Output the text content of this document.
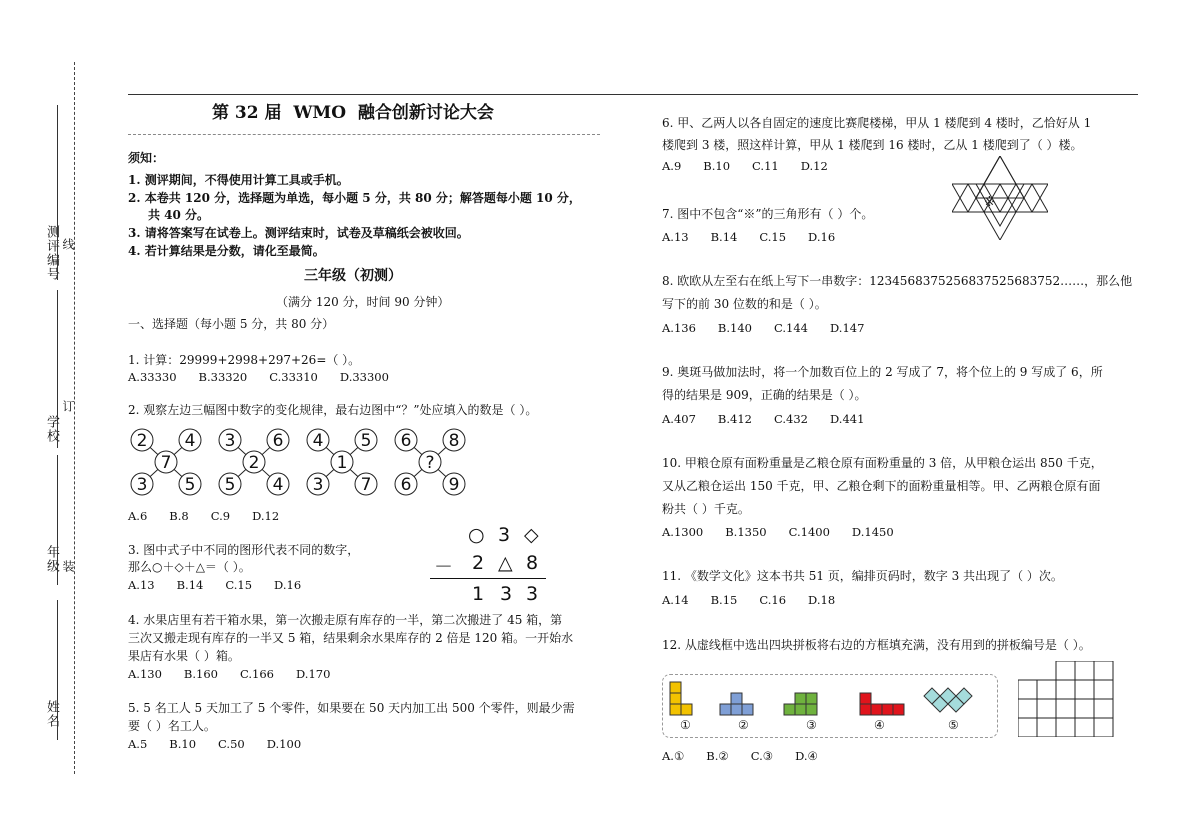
测评编号 线
学校
订
年级 装
姓名
第 32 届  WMO  融合创新讨论大会
须知：
1. 测评期间，不得使用计算工具或手机。
2. 本卷共 120 分，选择题为单选，每小题 5 分，共 80 分；解答题每小题 10 分，
共 40 分。
3. 请将答案写在试卷上。测评结束时，试卷及草稿纸会被收回。
4. 若计算结果是分数，请化至最简。
三年级（初测）
（满分 120 分，时间 90 分钟）
一、选择题（每小题 5 分，共 80 分）
1. 计算：29999+2998+297+26=（ ）。
A.33330 B.33320 C.33310 D.33300
2. 观察左边三幅图中数字的变化规律，最右边图中“？”处应填入的数是（ ）。
2 4
7
3 5
3 6
2
5 4
4 5
1
3 7
6 8
?
6 9
A.6 B.8 C.9 D.12
3. 图中式子中不同的图形代表不同的数字，
那么○＋◇＋△＝（ ）。
A.13 B.14 C.15 D.16
○ 3 ◇
－ 2 △ 8
1 3 3
4. 水果店里有若干箱水果，第一次搬走原有库存的一半，第二次搬进了 45 箱，第
三次又搬走现有库存的一半又 5 箱，结果剩余水果库存的 2 倍是 120 箱。一开始水
果店有水果（ ）箱。
A.130 B.160 C.166 D.170
5. 5 名工人 5 天加工了 5 个零件，如果要在 50 天内加工出 500 个零件，则最少需
要（ ）名工人。
A.5 B.10 C.50 D.100
6. 甲、乙两人以各自固定的速度比赛爬楼梯，甲从 1 楼爬到 4 楼时，乙恰好从 1
楼爬到 3 楼，照这样计算，甲从 1 楼爬到 16 楼时，乙从 1 楼爬到了（ ）楼。
A.9 B.10 C.11 D.12
7. 图中不包含“※”的三角形有（ ）个。
A.13 B.14 C.15 D.16
※
8. 欧欧从左至右在纸上写下一串数字：1234568375256837525683752……，那么他
写下的前 30 位数的和是（ ）。
A.136 B.140 C.144 D.147
9. 奥斑马做加法时，将一个加数百位上的 2 写成了 7，将个位上的 9 写成了 6，所
得的结果是 909，正确的结果是（ ）。
A.407 B.412 C.432 D.441
10. 甲粮仓原有面粉重量是乙粮仓原有面粉重量的 3 倍，从甲粮仓运出 850 千克，
又从乙粮仓运出 150 千克，甲、乙粮仓剩下的面粉重量相等。甲、乙两粮仓原有面
粉共（ ）千克。
A.1300 B.1350 C.1400 D.1450
11. 《数学文化》这本书共 51 页，编排页码时，数字 3 共出现了（ ）次。
A.14 B.15 C.16 D.18
12. 从虚线框中选出四块拼板将右边的方框填充满，没有用到的拼板编号是（ ）。
①	②	③	④	⑤
A.① B.② C.③ D.④
